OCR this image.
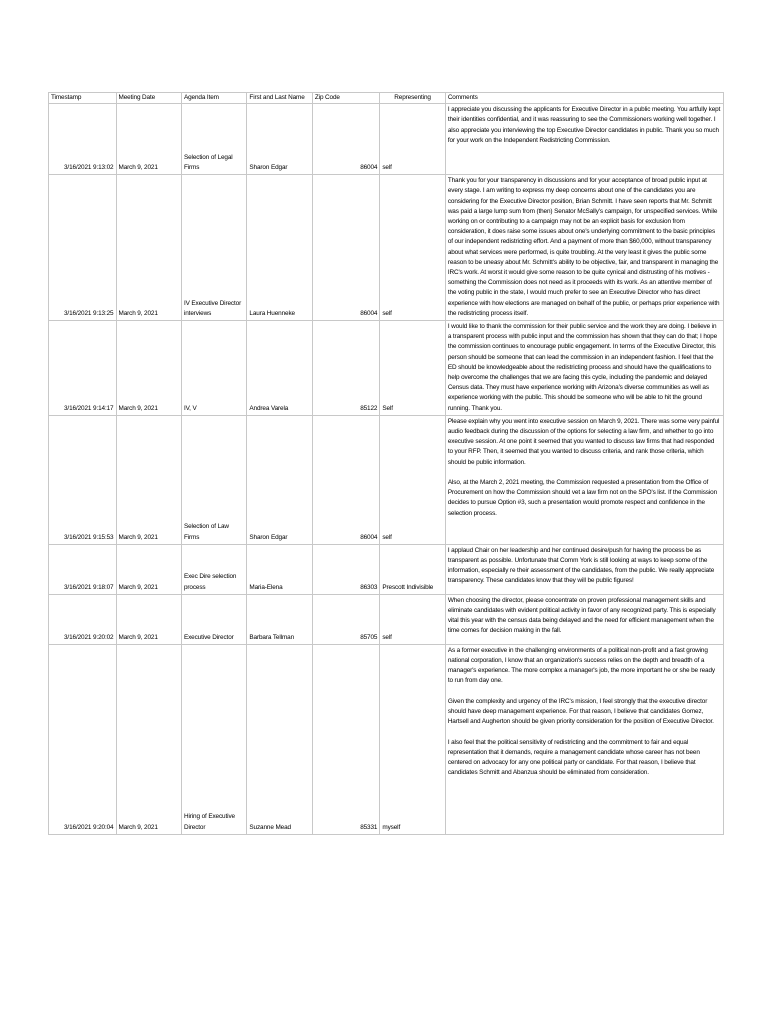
Timestamp	Meeting Date	Agenda Item	First and Last Name	Zip Code	Representing	Comments
3/16/2021 9:13:02	March 9, 2021	Selection of Legal Firms	Sharon Edgar	86004	self	I appreciate you discussing the applicants for Executive Director in a public meeting. You artfully kept their identities confidential, and it was reassuring to see the Commissioners working well together. I also appreciate you interviewing the top Executive Director candidates in public. Thank you so much for your work on the Independent Redistricting Commission.

3/16/2021 9:13:25	March 9, 2021	IV Executive Director interviews	Laura Huenneke	86004	self	Thank you for your transparency in discussions and for your acceptance of broad public input at every stage. I am writing to express my deep concerns about one of the candidates you are considering for the Executive Director position, Brian Schmitt. I have seen reports that Mr. Schmitt was paid a large lump sum from (then) Senator McSally's campaign, for unspecified services. While working on or contributing to a campaign may not be an explicit basis for exclusion from consideration, it does raise some issues about one's underlying commitment to the basic principles of our independent redistricting effort. And a payment of more than $60,000, without transparency about what services were performed, is quite troubling. At the very least it gives the public some reason to be uneasy about Mr. Schmitt's ability to be objective, fair, and transparent in managing the IRC's work. At worst it would give some reason to be quite cynical and distrusting of his motives - something the Commission does not need as it proceeds with its work. As an attentive member of the voting public in the state, I would much prefer to see an Executive Director who has direct experience with how elections are managed on behalf of the public, or perhaps prior experience with the redistricting process itself.

3/16/2021 9:14:17	March 9, 2021	IV, V	Andrea Varela	85122	Self	I would like to thank the commission for their public service and the work they are doing. I believe in a transparent process with public input and the commission has shown that they can do that; I hope the commission continues to encourage public engagement. In terms of the Executive Director, this person should be someone that can lead the commission in an independent fashion. I feel that the ED should be knowledgeable about the redistricting process and should have the qualifications to help overcome the challenges that we are facing this cycle, including the pandemic and delayed Census data. They must have experience working with Arizona's diverse communities as well as experience working with the public. This should be someone who will be able to hit the ground running. Thank you.

3/16/2021 9:15:53	March 9, 2021	Selection of Law Firms	Sharon Edgar	86004	self	Please explain why you went into executive session on March 9, 2021. There was some very painful audio feedback during the discussion of the options for selecting a law firm, and whether to go into executive session. At one point it seemed that you wanted to discuss law firms that had responded to your RFP. Then, it seemed that you wanted to discuss criteria, and rank those criteria, which should be public information.
Also, at the March 2, 2021 meeting, the Commission requested a presentation from the Office of Procurement on how the Commission should vet a law firm not on the SPO's list. If the Commission decides to pursue Option #3, such a presentation would promote respect and confidence in the selection process.

3/16/2021 9:18:07	March 9, 2021	Exec Dire selection process	Maria-Elena	86303	Prescott Indivisible	I applaud Chair on her leadership and her continued desire/push for having the process be as transparent as possible. Unfortunate that Comm York is still looking at ways to keep some of the information, especially re their assessment of the candidates, from the public. We really appreciate transparency. These candidates know that they will be public figures!

3/16/2021 9:20:02	March 9, 2021	Executive Director	Barbara Tellman	85705	self	When choosing the director, please concentrate on proven professional management skills and eliminate candidates with evident political activity in favor of any recognized party. This is especially vital this year with the census data being delayed and the need for efficient management when the time comes for decision making in the fall.

3/16/2021 9:20:04	March 9, 2021	Hiring of Executive Director	Suzanne Mead	85331	myself	As a former executive in the challenging environments of a political non-profit and a fast growing national corporation, I know that an organization's success relies on the depth and breadth of a manager's experience. The more complex a manager's job, the more important he or she be ready to run from day one.
Given the complexity and urgency of the IRC's mission, I feel strongly that the executive director should have deep management experience. For that reason, I believe that candidates Gomez, Hartsell and Augherton should be given priority consideration for the position of Executive Director.
I also feel that the political sensitivity of redistricting and the commitment to fair and equal representation that it demands, require a management candidate whose career has not been centered on advocacy for any one political party or candidate. For that reason, I believe that candidates Schmitt and Abanzua should be eliminated from consideration.
